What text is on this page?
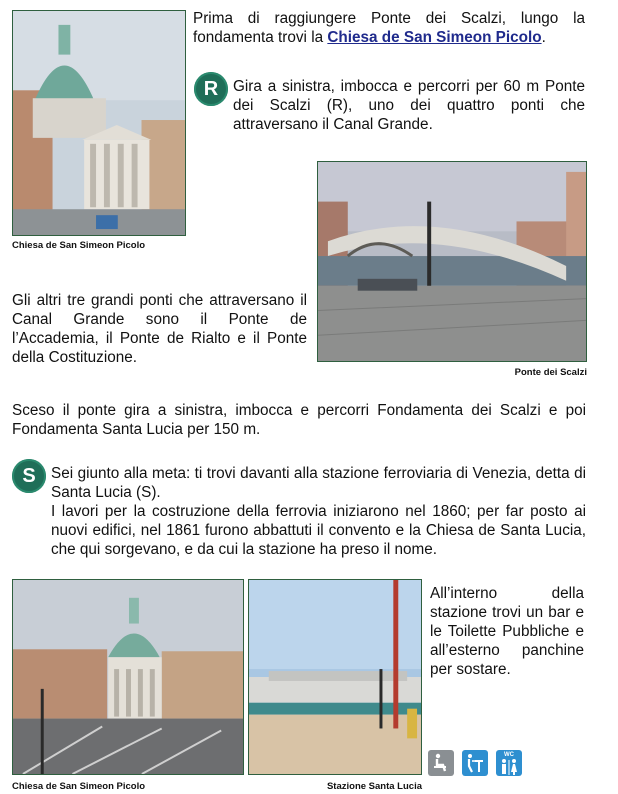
Chiesa de San Simeon Picolo

Prima di raggiungere Ponte dei Scalzi, lungo la fondamenta trovi la Chiesa de San Simeon Picolo.

R Gira a sinistra, imbocca e percorri per 60 m Ponte dei Scalzi (R), uno dei quattro ponti che attraversano il Canal Grande.

Ponte dei Scalzi

Gli altri tre grandi ponti che attraversano il Canal Grande sono il Ponte de l’Accademia, il Ponte de Rialto e il Ponte della Costituzione.

Sceso il ponte gira a sinistra, imbocca e percorri Fondamenta dei Scalzi e poi Fondamenta Santa Lucia per 150 m.

S	Sei giunto alla meta: ti trovi davanti alla stazione ferroviaria di Venezia, detta di Santa Lucia (S).

I lavori per la costruzione della ferrovia iniziarono nel 1860; per far posto ai nuovi edifici, nel 1861 furono abbattuti il convento e la Chiesa de Santa Lucia, che qui sorgevano, e da cui la stazione ha preso il nome.

Chiesa de San Simeon Picolo	Stazione Santa Lucia

All’interno della stazione trovi un bar e le Toilette Pubbliche e all’esterno panchine per sostare.

WC
